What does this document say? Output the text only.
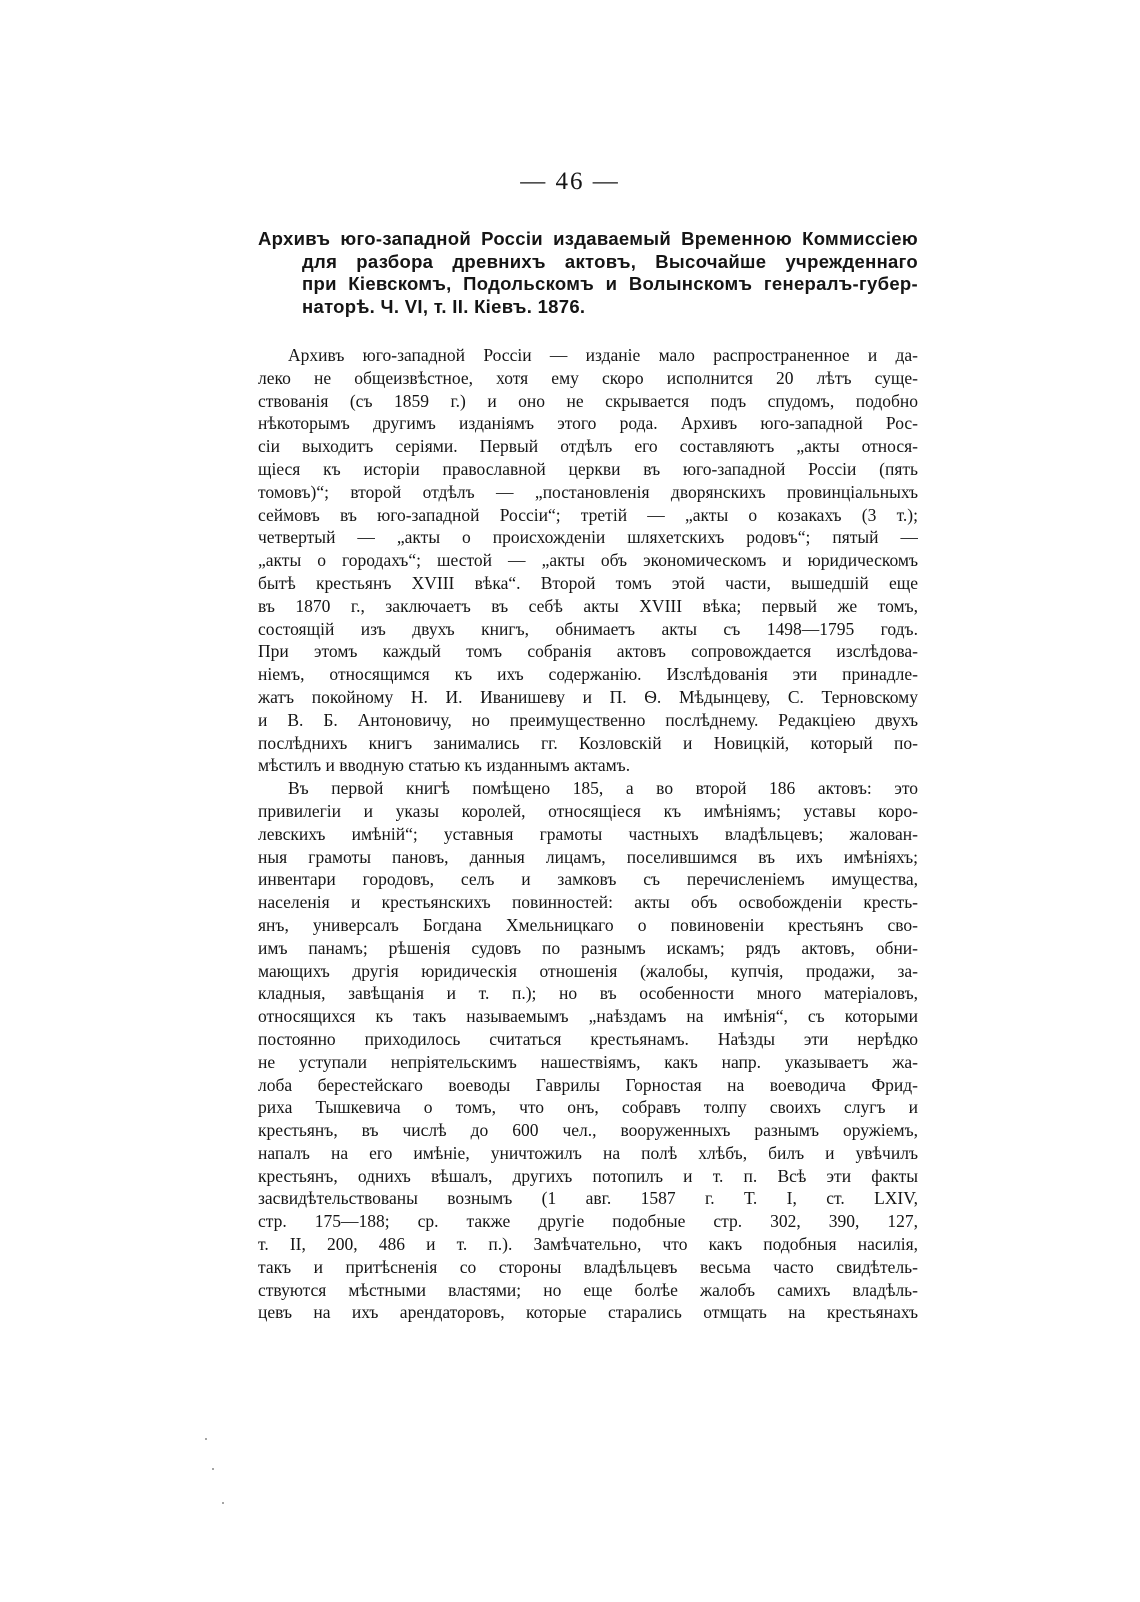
— 46 —
Архивъ юго-западной Россіи издаваемый Временною Коммиссіею
для разбора древнихъ актовъ, Высочайше учрежденнаго
при Кіевскомъ, Подольскомъ и Волынскомъ генералъ-губер-
наторѣ. Ч. VI, т. II. Кіевъ. 1876.
Архивъ юго-западной Россіи — изданіе мало распространенное и да-
леко не общеизвѣстное, хотя ему скоро исполнится 20 лѣтъ суще-
ствованія (съ 1859 г.) и оно не скрывается подъ спудомъ, подобно
нѣкоторымъ другимъ изданіямъ этого рода. Архивъ юго-западной Рос-
сіи выходитъ серіями. Первый отдѣлъ его составляютъ „акты относя-
щіеся къ исторіи православной церкви въ юго-западной Россіи (пять
томовъ)“; второй отдѣлъ — „постановленія дворянскихъ провинціальныхъ
сеймовъ въ юго-западной Россіи“; третій — „акты о козакахъ (3 т.);
четвертый — „акты о происхожденіи шляхетскихъ родовъ“; пятый —
„акты о городахъ“; шестой — „акты объ экономическомъ и юридическомъ
бытѣ крестьянъ XVIII вѣка“. Второй томъ этой части, вышедшій еще
въ 1870 г., заключаетъ въ себѣ акты XVIII вѣка; первый же томъ,
состоящій изъ двухъ книгъ, обнимаетъ акты съ 1498—1795 годъ.
При этомъ каждый томъ собранія актовъ сопровождается изслѣдова-
ніемъ, относящимся къ ихъ содержанію. Изслѣдованія эти принадле-
жатъ покойному Н. И. Иванишеву и П. Ѳ. Мѣдынцеву, С. Терновскому
и В. Б. Антоновичу, но преимущественно послѣднему. Редакціею двухъ
послѣднихъ книгъ занимались гг. Козловскій и Новицкій, который по-
мѣстилъ и вводную статью къ изданнымъ актамъ.
Въ первой книгѣ помѣщено 185, а во второй 186 актовъ: это
привилегіи и указы королей, относящіеся къ имѣніямъ; уставы коро-
левскихъ имѣній“; уставныя грамоты частныхъ владѣльцевъ; жалован-
ныя грамоты пановъ, данныя лицамъ, поселившимся въ ихъ имѣніяхъ;
инвентари городовъ, селъ и замковъ съ перечисленіемъ имущества,
населенія и крестьянскихъ повинностей: акты объ освобожденіи кресть-
янъ, универсалъ Богдана Хмельницкаго о повиновеніи крестьянъ сво-
имъ панамъ; рѣшенія судовъ по разнымъ искамъ; рядъ актовъ, обни-
мающихъ другія юридическія отношенія (жалобы, купчія, продажи, за-
кладныя, завѣщанія и т. п.); но въ особенности много матеріаловъ,
относящихся къ такъ называемымъ „наѣздамъ на имѣнія“, съ которыми
постоянно приходилось считаться крестьянамъ. Наѣзды эти нерѣдко
не уступали непріятельскимъ нашествіямъ, какъ напр. указываетъ жа-
лоба берестейскаго воеводы Гаврилы Горностая на воеводича Фрид-
риха Тышкевича о томъ, что онъ, собравъ толпу своихъ слугъ и
крестьянъ, въ числѣ до 600 чел., вооруженныхъ разнымъ оружіемъ,
напалъ на его имѣніе, уничтожилъ на полѣ хлѣбъ, билъ и увѣчилъ
крестьянъ, однихъ вѣшалъ, другихъ потопилъ и т. п. Всѣ эти факты
засвидѣтельствованы вознымъ (1 авг. 1587 г. Т. I, ст. LXIV,
стр. 175—188; ср. также другіе подобные стр. 302, 390, 127,
т. II, 200, 486 и т. п.). Замѣчательно, что какъ подобныя насилія,
такъ и притѣсненія со стороны владѣльцевъ весьма часто свидѣтель-
ствуются мѣстными властями; но еще болѣе жалобъ самихъ владѣль-
цевъ на ихъ арендаторовъ, которые старались отмщать на крестьянахъ
